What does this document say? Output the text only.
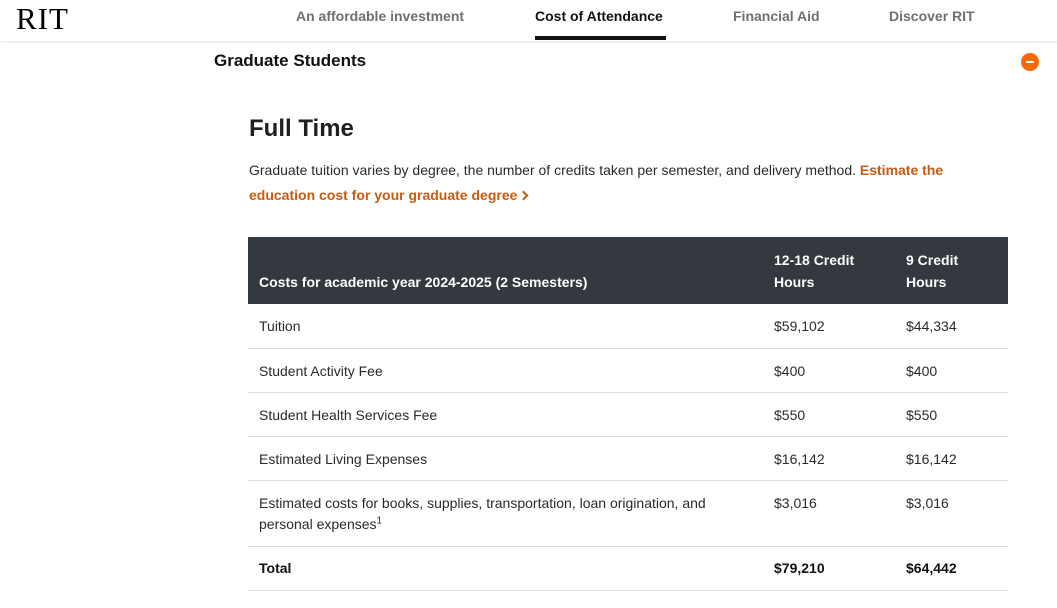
RIT	An affordable investment	Cost of Attendance	Financial Aid	Discover RIT
Graduate Students
Full Time

Graduate tuition varies by degree, the number of credits taken per semester, and delivery method. Estimate the education cost for your graduate degree

Costs for academic year 2024-2025 (2 Semesters)	12-18 Credit Hours	9 Credit Hours
Tuition	$59,102	$44,334
Student Activity Fee	$400	$400
Student Health Services Fee	$550	$550
Estimated Living Expenses	$16,142	$16,142
Estimated costs for books, supplies, transportation, loan origination, and personal expenses$^1$	$3,016	$3,016
Total	$79,210	$64,442
